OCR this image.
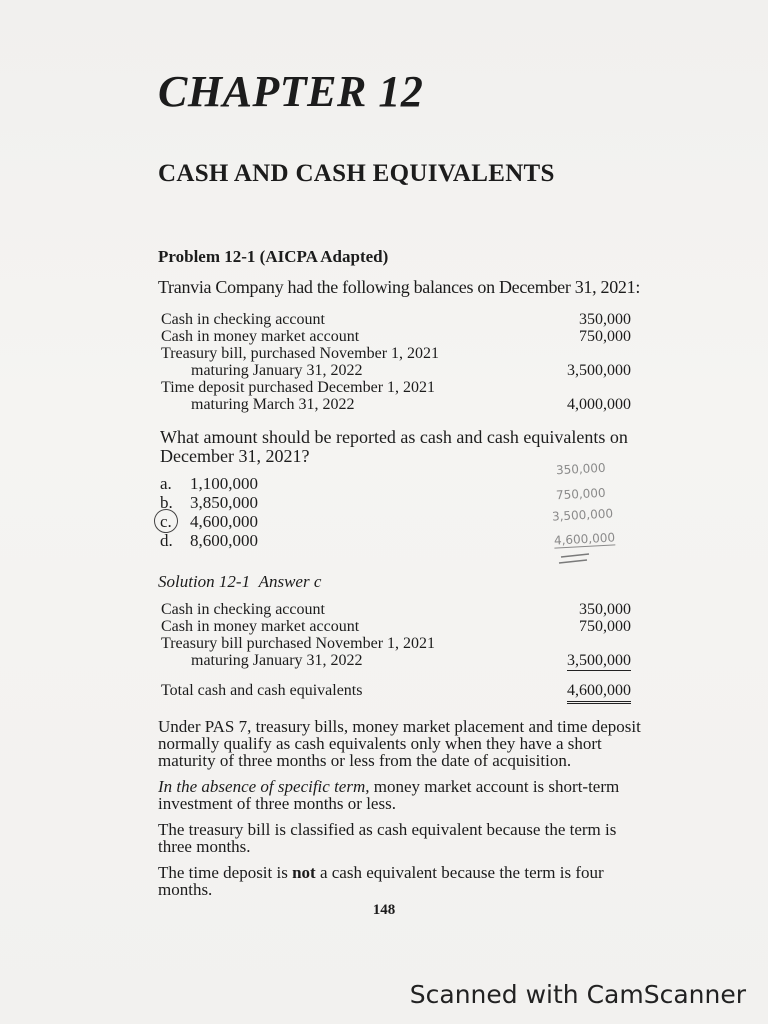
CHAPTER 12
CASH AND CASH EQUIVALENTS
Problem 12-1 (AICPA Adapted)
Tranvia Company had the following balances on December 31, 2021:
Cash in checking account	350,000
Cash in money market account	750,000
Treasury bill, purchased November 1, 2021
maturing January 31, 2022	3,500,000
Time deposit purchased December 1, 2021
maturing March 31, 2022	4,000,000
What amount should be reported as cash and cash equivalents on December 31, 2021?
a. 1,100,000
b. 3,850,000
c. 4,600,000
d. 8,600,000
350,000
750,000
3,500,000
4,600,000
Solution 12-1 Answer c
Cash in checking account	350,000
Cash in money market account	750,000
Treasury bill purchased November 1, 2021
maturing January 31, 2022	3,500,000
Total cash and cash equivalents	4,600,000
Under PAS 7, treasury bills, money market placement and time deposit normally qualify as cash equivalents only when they have a short maturity of three months or less from the date of acquisition.
In the absence of specific term, money market account is short-term investment of three months or less.
The treasury bill is classified as cash equivalent because the term is three months.
The time deposit is not a cash equivalent because the term is four months.
148
Scanned with CamScanner
